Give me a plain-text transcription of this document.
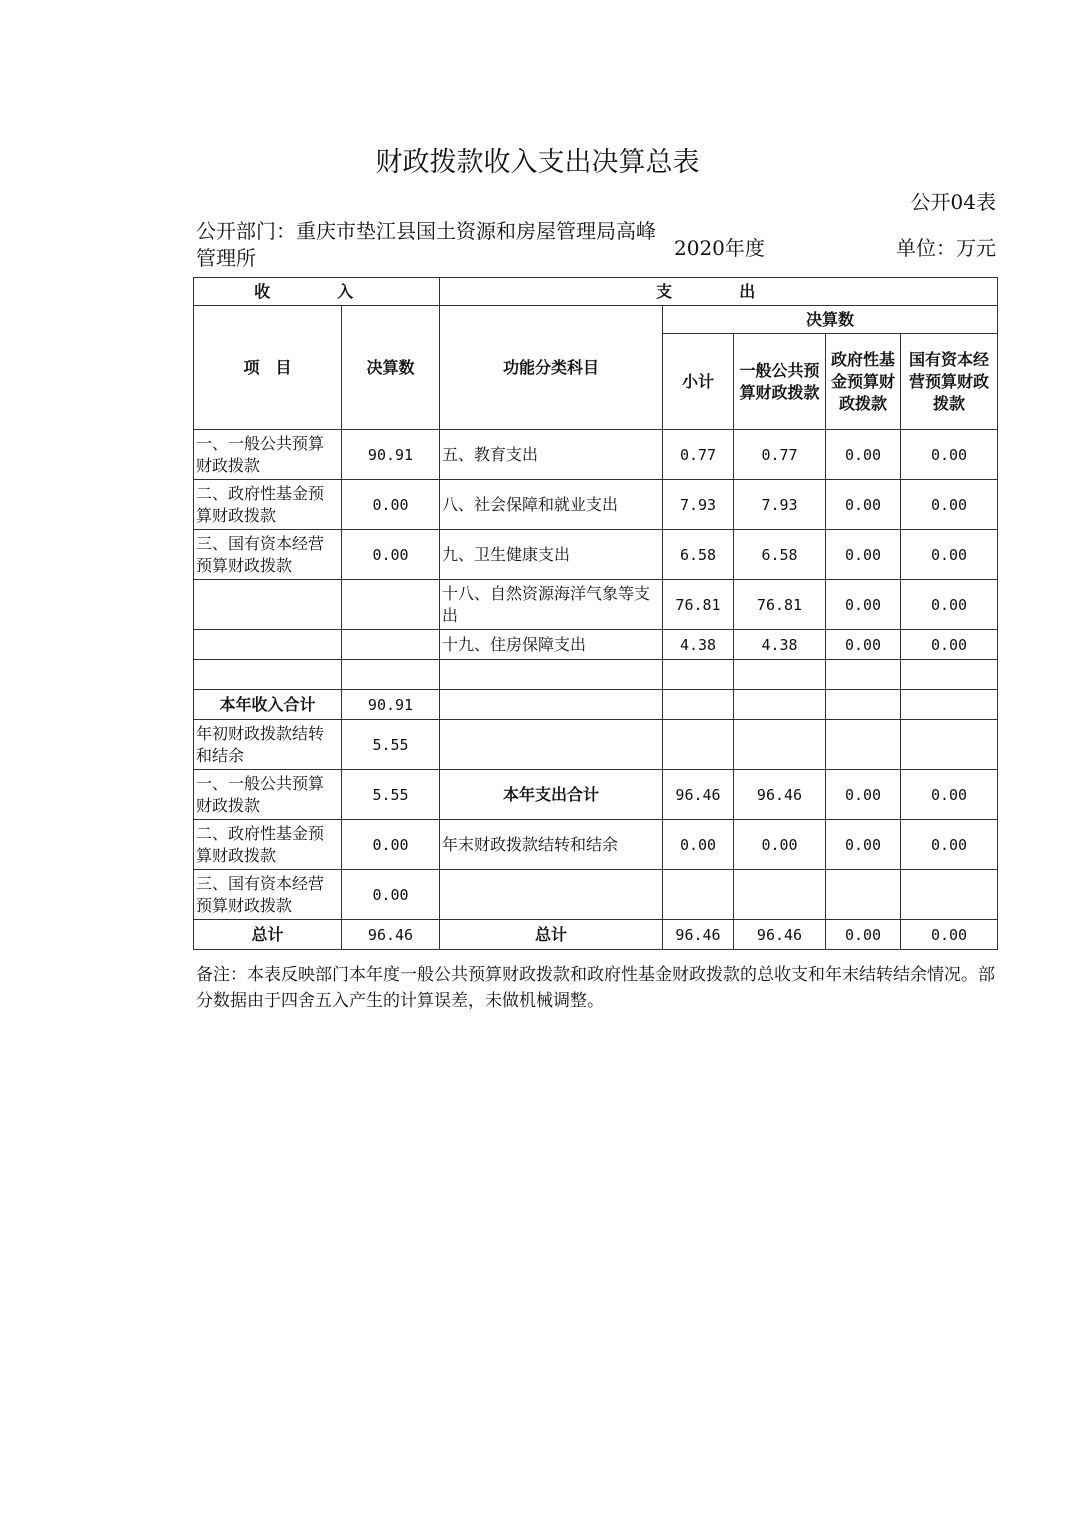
财政拨款收入支出决算总表
公开04表
公开部门：重庆市垫江县国土资源和房屋管理局高峰管理所	2020年度	单位：万元
收　入		支　出				
项　目	决算数	功能分类科目	决算数			
			小计	一般公共预算财政拨款	政府性基金预算财政拨款	国有资本经营预算财政拨款
一、一般公共预算财政拨款	90.91	五、教育支出	0.77	0.77	0.00	0.00
二、政府性基金预算财政拨款	0.00	八、社会保障和就业支出	7.93	7.93	0.00	0.00
三、国有资本经营预算财政拨款	0.00	九、卫生健康支出	6.58	6.58	0.00	0.00
		十八、自然资源海洋气象等支出	76.81	76.81	0.00	0.00
		十九、住房保障支出	4.38	4.38	0.00	0.00

本年收入合计	90.91					
年初财政拨款结转和结余	5.55					
一、一般公共预算财政拨款	5.55	本年支出合计	96.46	96.46	0.00	0.00
二、政府性基金预算财政拨款	0.00	年末财政拨款结转和结余	0.00	0.00	0.00	0.00
三、国有资本经营预算财政拨款	0.00					
总计	96.46	总计	96.46	96.46	0.00	0.00
备注：本表反映部门本年度一般公共预算财政拨款和政府性基金财政拨款的总收支和年末结转结余情况。部分数据由于四舍五入产生的计算误差，未做机械调整。
